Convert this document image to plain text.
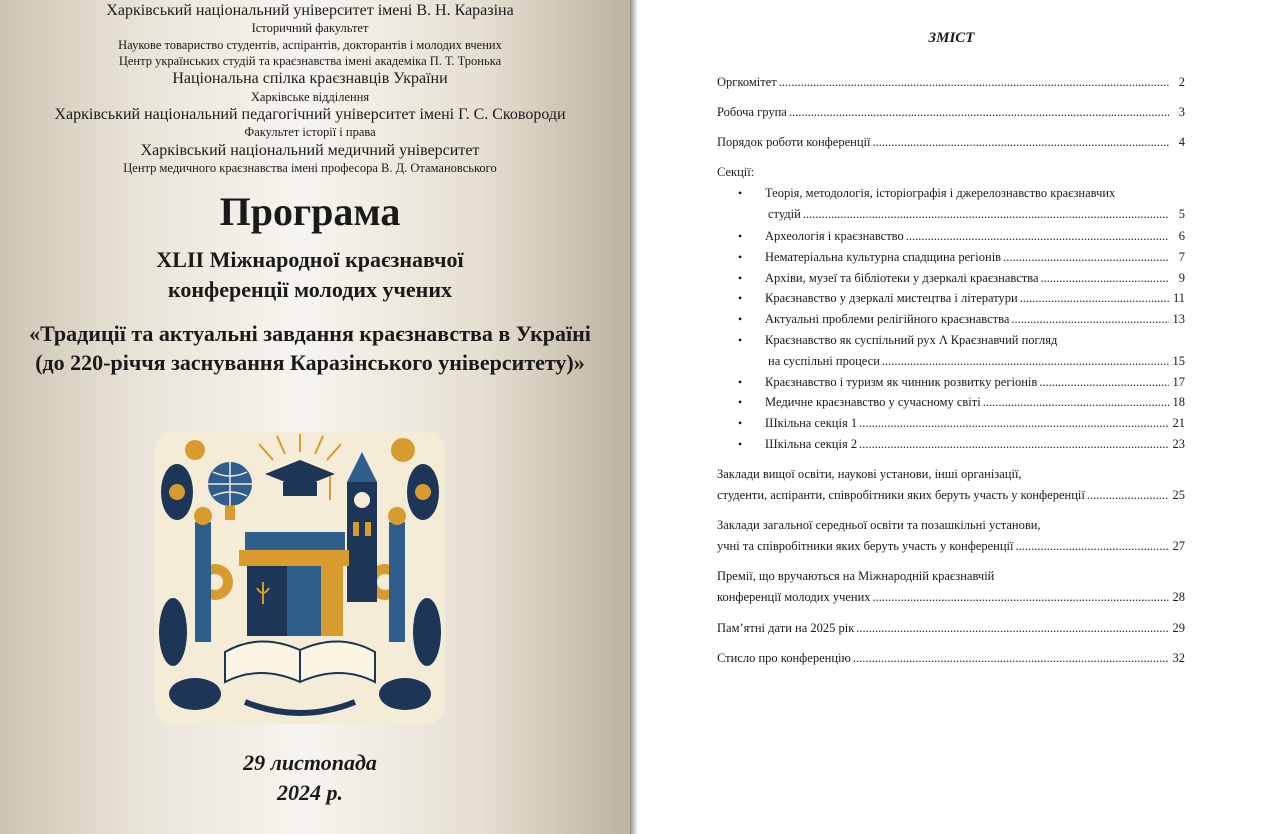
Харківський національний університет імені В. Н. Каразіна
Історичний факультет
Наукове товариство студентів, аспірантів, докторантів і молодих вчених
Центр українських студій та краєзнавства імені академіка П. Т. Тронька
Національна спілка краєзнавців України
Харківське відділення
Харківський національний педагогічний університет імені Г. С. Сковороди
Факультет історії і права
Харківський національний медичний університет
Центр медичного краєзнавства імені професора В. Д. Отамановського
Програма
XLII Міжнародної краєзнавчої
конференції молодих учених
«Традиції та актуальні завдання краєзнавства в Україні
(до 220-річчя заснування Каразінського університету)»
29 листопада
2024 р.
ЗМІСТ
Оргкомітет .....	2
Робоча група .....	3
Порядок роботи конференції .....	4
Секції:
• Теорія, методологія, історіографія і джерелознавство краєзнавчих
студій .....	5
• Археологія і краєзнавство .....	6
• Нематеріальна культурна спадщина регіонів .....	7
• Архіви, музеї та бібліотеки у дзеркалі краєзнавства .....	9
• Краєзнавство у дзеркалі мистецтва і літератури .....	11
• Актуальні проблеми релігійного краєзнавства .....	13
• Краєзнавство як суспільний рух Λ Краєзнавчий погляд
на суспільні процеси .....	15
• Краєзнавство і туризм як чинник розвитку регіонів .....	17
• Медичне краєзнавство у сучасному світі .....	18
• Шкільна секція 1 .....	21
• Шкільна секція 2 .....	23
Заклади вищої освіти, наукові установи, інші організації,
студенти, аспіранти, співробітники яких беруть участь у конференції .....	25
Заклади загальної середньої освіти та позашкільні установи,
учні та співробітники яких беруть участь у конференції .....	27
Премії, що вручаються на Міжнародній краєзнавчій
конференції молодих учених .....	28
Пам’ятні дати на 2025 рік .....	29
Стисло про конференцію .....	32
